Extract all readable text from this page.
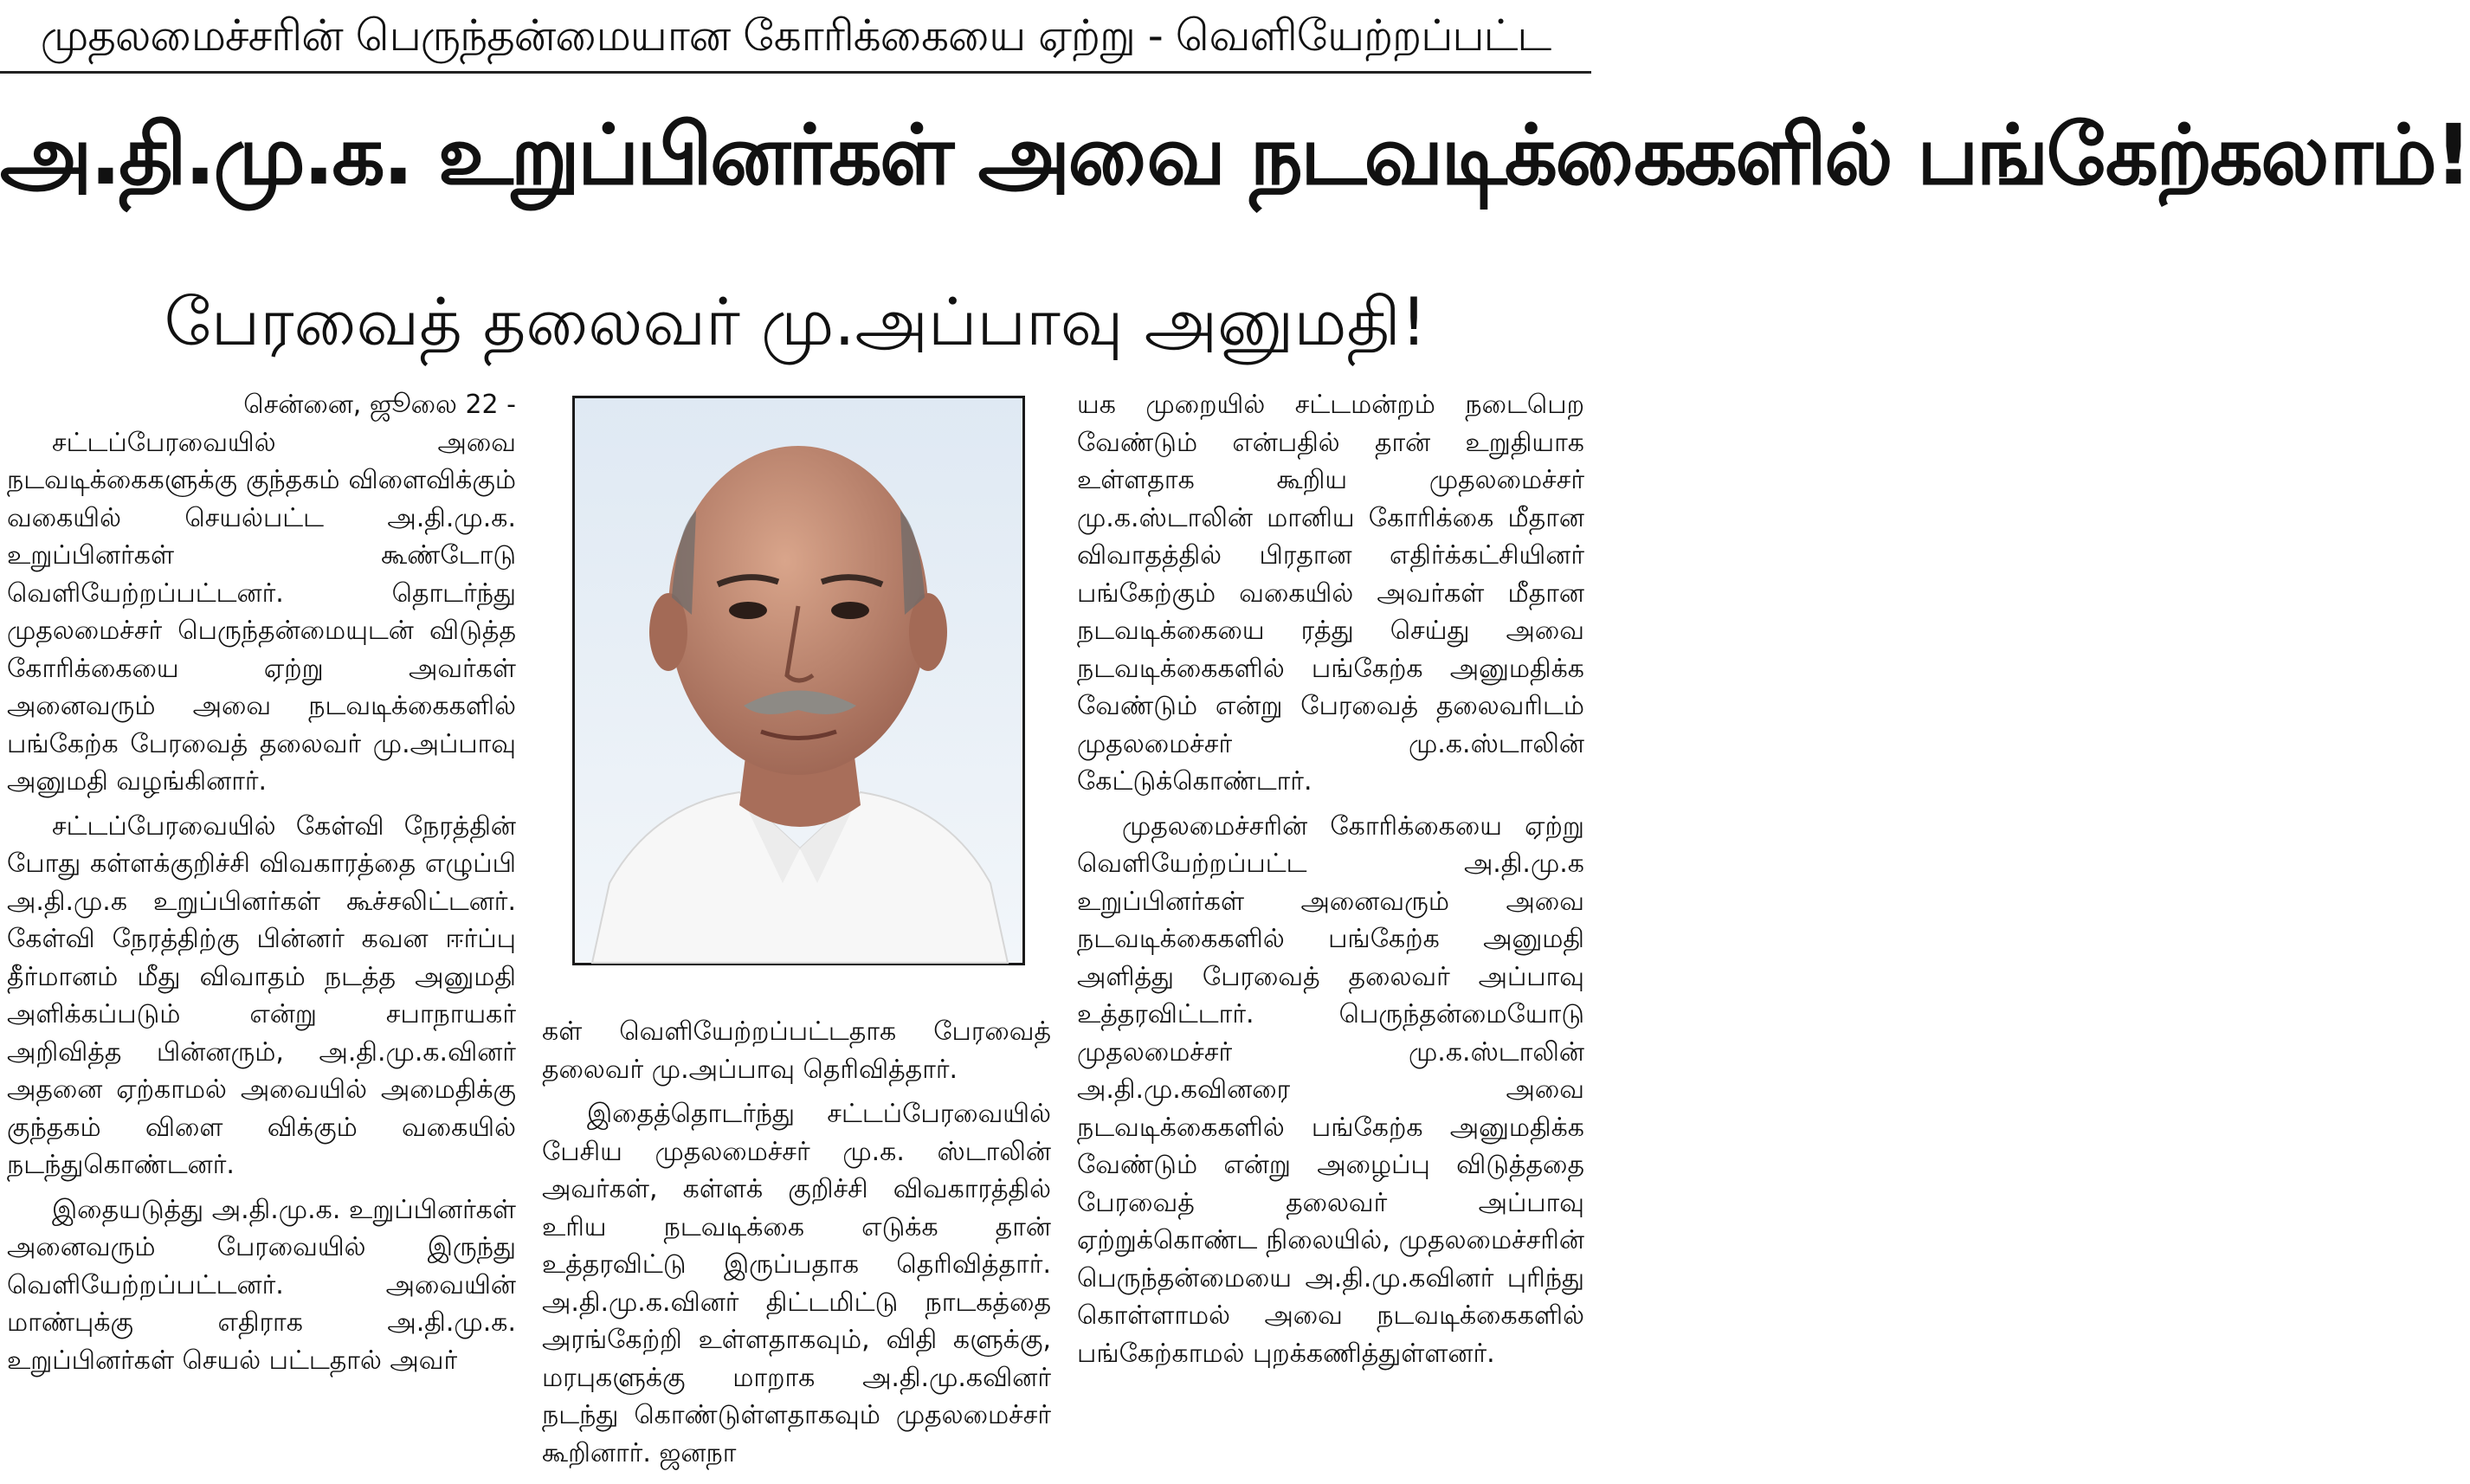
முதலமைச்சரின் பெருந்தன்மையான கோரிக்கையை ஏற்று - வெளியேற்றப்பட்ட
அ.தி.மு.க. உறுப்பினர்கள் அவை நடவடிக்கைகளில் பங்கேற்கலாம்!
பேரவைத் தலைவர் மு.அப்பாவு அனுமதி!

சென்னை, ஜூலை 22 -

சட்டப்பேரவையில் அவை நடவடிக்கைகளுக்கு குந்தகம் விளைவிக்கும் வகையில் செயல்பட்ட அ.தி.மு.க. உறுப்பினர்கள் கூண்டோடு வெளியேற்றப்பட்டனர். தொடர்ந்து முதலமைச்சர் பெருந்தன்மையுடன் விடுத்த கோரிக்கையை ஏற்று அவர்கள் அனைவரும் அவை நடவடிக்கைகளில் பங்கேற்க பேரவைத் தலைவர் மு.அப்பாவு அனுமதி வழங்கினார்.

சட்டப்பேரவையில் கேள்வி நேரத்தின் போது கள்ளக்குறிச்சி விவகாரத்தை எழுப்பி அ.தி.மு.க உறுப்பினர்கள் கூச்சலிட்டனர். கேள்வி நேரத்திற்கு பின்னர் கவன ஈர்ப்பு தீர்மானம் மீது விவாதம் நடத்த அனுமதி அளிக்கப்படும் என்று சபாநாயகர் அறிவித்த பின்னரும், அ.தி.மு.க.வினர் அதனை ஏற்காமல் அவையில் அமைதிக்கு குந்தகம் விளை விக்கும் வகையில் நடந்துகொண்டனர்.

இதையடுத்து அ.தி.மு.க. உறுப்பினர்கள் அனைவரும் பேரவையில் இருந்து வெளியேற்றப்பட்டனர். அவையின் மாண்புக்கு எதிராக அ.தி.மு.க. உறுப்பினர்கள் செயல் பட்டதால் அவர்

கள் வெளியேற்றப்பட்டதாக பேரவைத் தலைவர் மு.அப்பாவு தெரிவித்தார்.

இதைத்தொடர்ந்து சட்டப்பேரவையில் பேசிய முதலமைச்சர் மு.க. ஸ்டாலின் அவர்கள், கள்ளக் குறிச்சி விவகாரத்தில் உரிய நடவடிக்கை எடுக்க தான் உத்தரவிட்டு இருப்பதாக தெரிவித்தார். அ.தி.மு.க.வினர் திட்டமிட்டு நாடகத்தை அரங்கேற்றி உள்ளதாகவும், விதி களுக்கு, மரபுகளுக்கு மாறாக அ.தி.மு.கவினர் நடந்து கொண்டுள்ளதாகவும் முதலமைச்சர் கூறினார். ஜனநா

யக முறையில் சட்டமன்றம் நடைபெற வேண்டும் என்பதில் தான் உறுதியாக உள்ளதாக கூறிய முதலமைச்சர் மு.க.ஸ்டாலின் மானிய கோரிக்கை மீதான விவாதத்தில் பிரதான எதிர்க்கட்சியினர் பங்கேற்கும் வகையில் அவர்கள் மீதான நடவடிக்கையை ரத்து செய்து அவை நடவடிக்கைகளில் பங்கேற்க அனுமதிக்க வேண்டும் என்று பேரவைத் தலைவரிடம் முதலமைச்சர் மு.க.ஸ்டாலின் கேட்டுக்கொண்டார்.

முதலமைச்சரின் கோரிக்கையை ஏற்று வெளியேற்றப்பட்ட அ.தி.மு.க உறுப்பினர்கள் அனைவரும் அவை நடவடிக்கைகளில் பங்கேற்க அனுமதி அளித்து பேரவைத் தலைவர் அப்பாவு உத்தரவிட்டார். பெருந்தன்மையோடு முதலமைச்சர் மு.க.ஸ்டாலின் அ.தி.மு.கவினரை அவை நடவடிக்கைகளில் பங்கேற்க அனுமதிக்க வேண்டும் என்று அழைப்பு விடுத்ததை பேரவைத் தலைவர் அப்பாவு ஏற்றுக்கொண்ட நிலையில், முதலமைச்சரின் பெருந்தன்மையை அ.தி.மு.கவினர் புரிந்து கொள்ளாமல் அவை நடவடிக்கைகளில் பங்கேற்காமல் புறக்கணித்துள்ளனர்.
